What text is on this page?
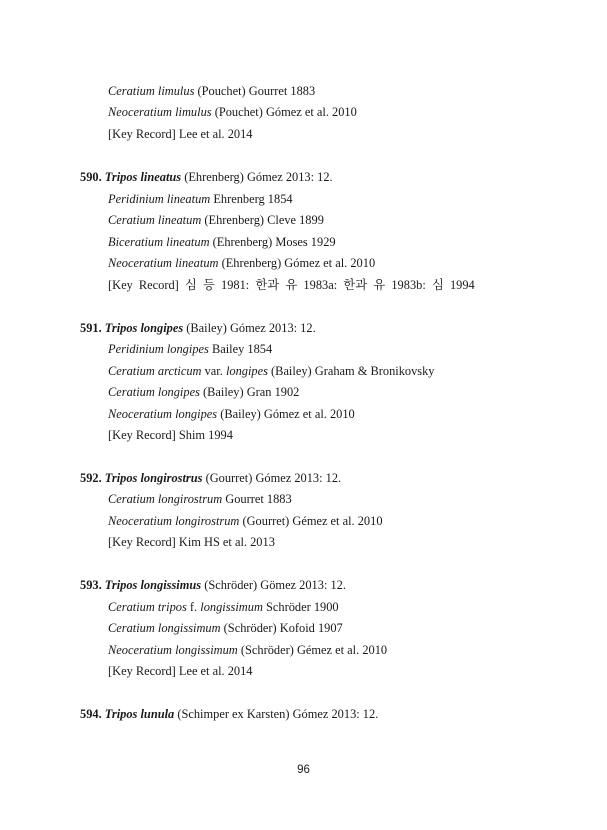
Ceratium limulus (Pouchet) Gourret 1883
Neoceratium limulus (Pouchet) Gómez et al. 2010
[Key Record] Lee et al. 2014
590. Tripos lineatus (Ehrenberg) Gómez 2013: 12.
Peridinium lineatum Ehrenberg 1854
Ceratium lineatum (Ehrenberg) Cleve 1899
Biceratium lineatum (Ehrenberg) Moses 1929
Neoceratium lineatum (Ehrenberg) Gómez et al. 2010
[Key Record] 심 등 1981: 한과 유 1983a: 한과 유 1983b: 심 1994
591. Tripos longipes (Bailey) Gómez 2013: 12.
Peridinium longipes Bailey 1854
Ceratium arcticum var. longipes (Bailey) Graham & Bronikovsky
Ceratium longipes (Bailey) Gran 1902
Neoceratium longipes (Bailey) Gómez et al. 2010
[Key Record] Shim 1994
592. Tripos longirostrus (Gourret) Gómez 2013: 12.
Ceratium longirostrum Gourret 1883
Neoceratium longirostrum (Gourret) Gémez et al. 2010
[Key Record] Kim HS et al. 2013
593. Tripos longissimus (Schröder) Gömez 2013: 12.
Ceratium tripos f. longissimum Schröder 1900
Ceratium longissimum (Schröder) Kofoid 1907
Neoceratium longissimum (Schröder) Gémez et al. 2010
[Key Record] Lee et al. 2014
594. Tripos lunula (Schimper ex Karsten) Gómez 2013: 12.
96
